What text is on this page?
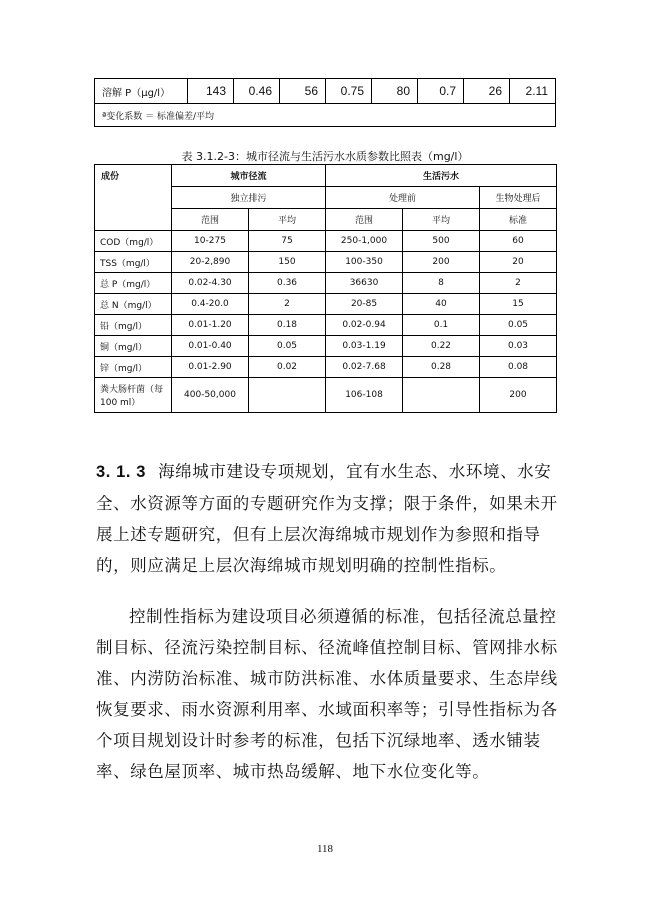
溶解 P（μg/l）	143	0.46	56	0.75	80	0.7	26	2.11
ª变化系数 ＝ 标准偏差/平均
表 3.1.2-3：城市径流与生活污水水质参数比照表（mg/l）
成份	城市径流		生活污水		
	独立排污		处理前		生物处理后
	范围	平均	范围	平均	标准
COD（mg/l）	10-275	75	250-1,000	500	60
TSS（mg/l）	20-2,890	150	100-350	200	20
总 P（mg/l）	0.02-4.30	0.36	36630	8	2
总 N（mg/l）	0.4-20.0	2	20-85	40	15
铅（mg/l）	0.01-1.20	0.18	0.02-0.94	0.1	0.05
铜（mg/l）	0.01-0.40	0.05	0.03-1.19	0.22	0.03
锌（mg/l）	0.01-2.90	0.02	0.02-7.68	0.28	0.08

粪大肠杆菌（每
100 ml）	400-50,000		106-108		200
3. 1. 3 海绵城市建设专项规划，宜有水生态、水环境、水安全、水资源等方面的专题研究作为支撑；限于条件，如果未开展上述专题研究，但有上层次海绵城市规划作为参照和指导的，则应满足上层次海绵城市规划明确的控制性指标。
控制性指标为建设项目必须遵循的标准，包括径流总量控制目标、径流污染控制目标、径流峰值控制目标、管网排水标准、内涝防治标准、城市防洪标准、水体质量要求、生态岸线恢复要求、雨水资源利用率、水域面积率等；引导性指标为各个项目规划设计时参考的标准，包括下沉绿地率、透水铺装率、绿色屋顶率、城市热岛缓解、地下水位变化等。
118
